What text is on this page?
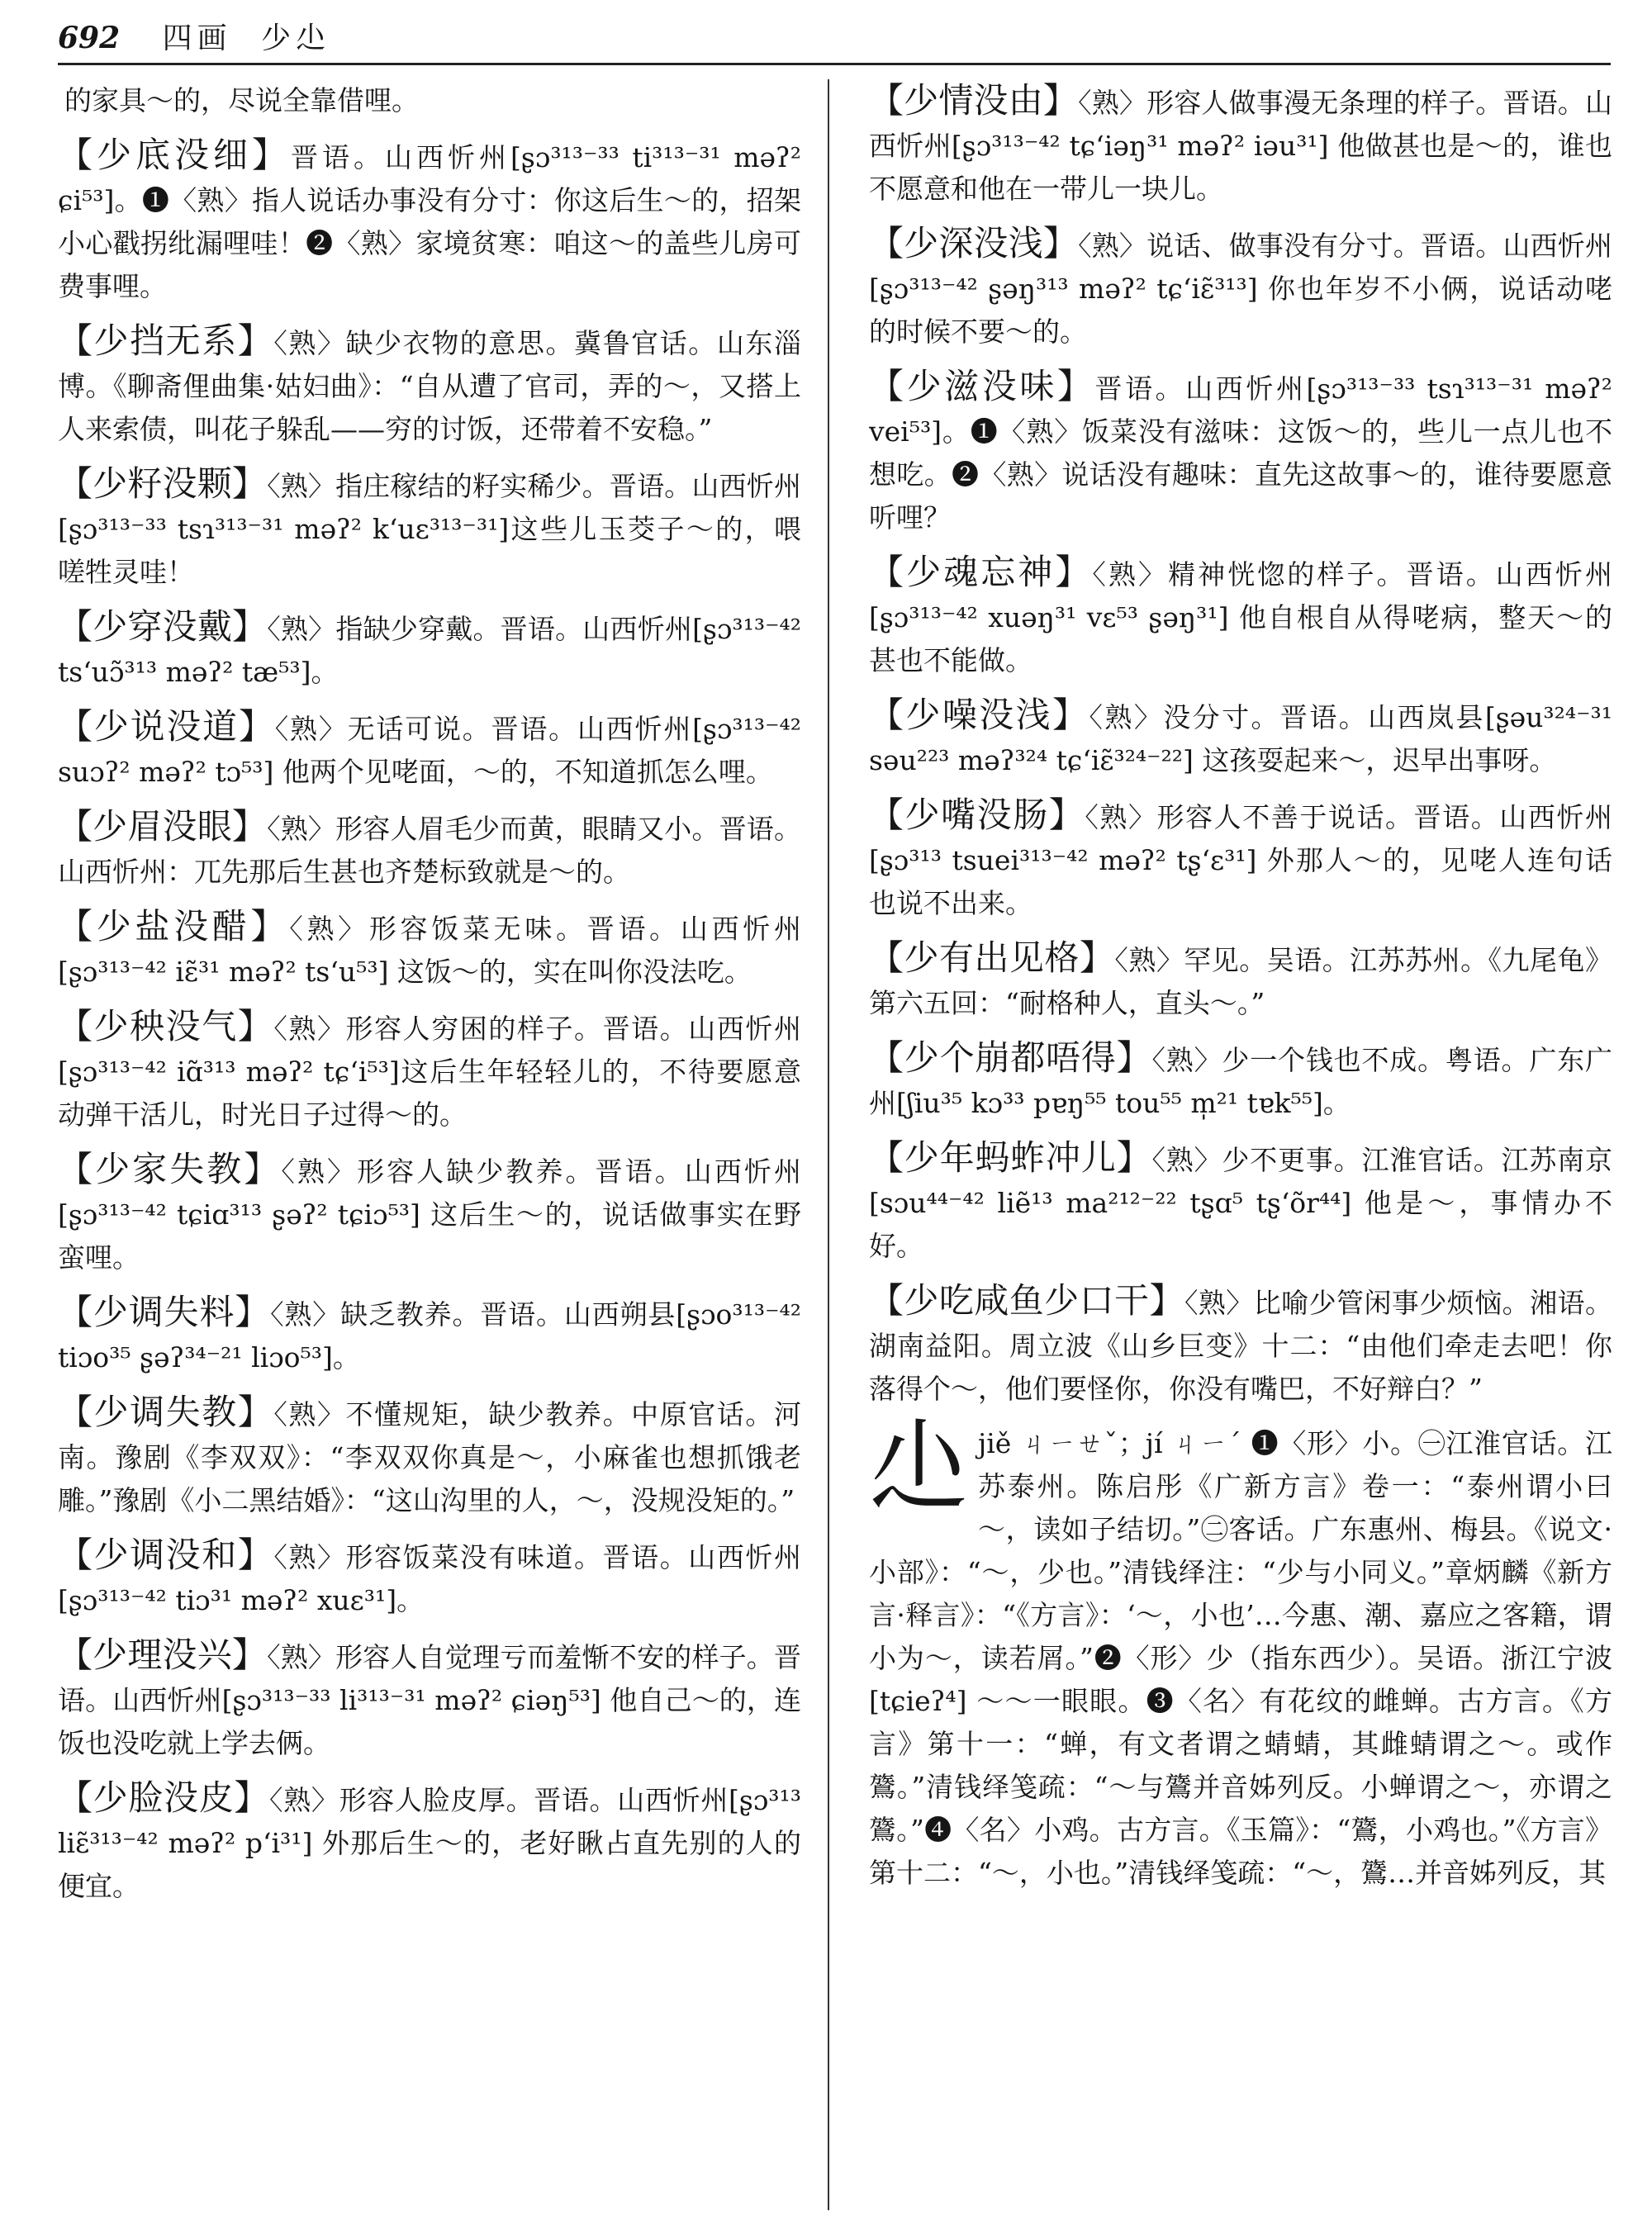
692 四画 少尐

的家具～的，尽说全靠借哩。

【少底没细】晋语。山西忻州[ʂɔ³¹³⁻³³ ti³¹³⁻³¹ məʔ² ɕi⁵³]。❶〈熟〉指人说话办事没有分寸：你这后生～的，招架小心戳拐纰漏哩哇！❷〈熟〉家境贫寒：咱这～的盖些儿房可费事哩。

【少挡无系】〈熟〉缺少衣物的意思。冀鲁官话。山东淄博。《聊斋俚曲集·姑妇曲》：“自从遭了官司，弄的～，又搭上人来索债，叫花子躲乱——穷的讨饭，还带着不安稳。”

【少籽没颗】〈熟〉指庄稼结的籽实稀少。晋语。山西忻州[ʂɔ³¹³⁻³³ tsɿ³¹³⁻³¹ məʔ² k‘uɛ³¹³⁻³¹]这些儿玉茭子～的，喂嗟牲灵哇！

【少穿没戴】〈熟〉指缺少穿戴。晋语。山西忻州[ʂɔ³¹³⁻⁴² ts‘uɔ̃³¹³ məʔ² tæ⁵³]。

【少说没道】〈熟〉无话可说。晋语。山西忻州[ʂɔ³¹³⁻⁴² suɔʔ² məʔ² tɔ⁵³] 他两个见咾面，～的，不知道抓怎么哩。

【少眉没眼】〈熟〉形容人眉毛少而黄，眼睛又小。晋语。山西忻州：兀先那后生甚也齐楚标致就是～的。

【少盐没醋】〈熟〉形容饭菜无味。晋语。山西忻州[ʂɔ³¹³⁻⁴² iɛ̃³¹ məʔ² ts‘u⁵³] 这饭～的，实在叫你没法吃。

【少秧没气】〈熟〉形容人穷困的样子。晋语。山西忻州[ʂɔ³¹³⁻⁴² iɑ̃³¹³ məʔ² tɕ‘i⁵³]这后生年轻轻儿的，不待要愿意动弹干活儿，时光日子过得～的。

【少家失教】〈熟〉形容人缺少教养。晋语。山西忻州[ʂɔ³¹³⁻⁴² tɕiɑ³¹³ ʂəʔ² tɕiɔ⁵³] 这后生～的，说话做事实在野蛮哩。

【少调失料】〈熟〉缺乏教养。晋语。山西朔县[ʂɔo³¹³⁻⁴² tiɔo³⁵ ʂəʔ³⁴⁻²¹ liɔo⁵³]。

【少调失教】〈熟〉不懂规矩，缺少教养。中原官话。河南。豫剧《李双双》：“李双双你真是～，小麻雀也想抓饿老雕。”豫剧《小二黑结婚》：“这山沟里的人，～，没规没矩的。”

【少调没和】〈熟〉形容饭菜没有味道。晋语。山西忻州[ʂɔ³¹³⁻⁴² tiɔ³¹ məʔ² xuɛ³¹]。

【少理没兴】〈熟〉形容人自觉理亏而羞惭不安的样子。晋语。山西忻州[ʂɔ³¹³⁻³³ li³¹³⁻³¹ məʔ² ɕiəŋ⁵³] 他自己～的，连饭也没吃就上学去俩。

【少脸没皮】〈熟〉形容人脸皮厚。晋语。山西忻州[ʂɔ³¹³ liɛ̃³¹³⁻⁴² məʔ² p‘i³¹] 外那后生～的，老好瞅占直先别的人的便宜。

【少情没由】〈熟〉形容人做事漫无条理的样子。晋语。山西忻州[ʂɔ³¹³⁻⁴² tɕ‘iəŋ³¹ məʔ² iəu³¹] 他做甚也是～的，谁也不愿意和他在一带儿一块儿。

【少深没浅】〈熟〉说话、做事没有分寸。晋语。山西忻州[ʂɔ³¹³⁻⁴² ʂəŋ³¹³ məʔ² tɕ‘iɛ̃³¹³] 你也年岁不小俩，说话动咾的时候不要～的。

【少滋没味】晋语。山西忻州[ʂɔ³¹³⁻³³ tsɿ³¹³⁻³¹ məʔ² vei⁵³]。❶〈熟〉饭菜没有滋味：这饭～的，些儿一点儿也不想吃。❷〈熟〉说话没有趣味：直先这故事～的，谁待要愿意听哩？

【少魂忘神】〈熟〉精神恍惚的样子。晋语。山西忻州[ʂɔ³¹³⁻⁴² xuəŋ³¹ vɛ⁵³ ʂəŋ³¹] 他自根自从得咾病，整天～的甚也不能做。

【少噪没浅】〈熟〉没分寸。晋语。山西岚县[ʂəu³²⁴⁻³¹ səu²²³ məʔ³²⁴ tɕ‘iɛ̃³²⁴⁻²²] 这孩耍起来～，迟早出事呀。

【少嘴没肠】〈熟〉形容人不善于说话。晋语。山西忻州[ʂɔ³¹³ tsuei³¹³⁻⁴² məʔ² tʂ‘ɛ³¹] 外那人～的，见咾人连句话也说不出来。

【少有出见格】〈熟〉罕见。吴语。江苏苏州。《九尾龟》第六五回：“耐格种人，直头～。”

【少个崩都唔得】〈熟〉少一个钱也不成。粤语。广东广州[ʃiu³⁵ kɔ³³ pɐŋ⁵⁵ tou⁵⁵ m̩²¹ tɐk⁵⁵]。

【少年蚂蚱冲儿】〈熟〉少不更事。江淮官话。江苏南京[sɔu⁴⁴⁻⁴² liẽ¹³ ma²¹²⁻²² tʂɑ⁵ tʂ‘õr⁴⁴] 他是～，事情办不好。

【少吃咸鱼少口干】〈熟〉比喻少管闲事少烦恼。湘语。湖南益阳。周立波《山乡巨变》十二：“由他们牵走去吧！你落得个～，他们要怪你，你没有嘴巴，不好辩白？”

尐jiě ㄐㄧㄝˇ；jí ㄐㄧˊ ❶〈形〉小。㊀江淮官话。江苏泰州。陈启彤《广新方言》卷一：“泰州谓小曰～，读如子结切。”㊁客话。广东惠州、梅县。《说文·小部》：“～，少也。”清钱绎注：“少与小同义。”章炳麟《新方言·释言》：“《方言》：‘～，小也’…今惠、潮、嘉应之客籍，谓小为～，读若屑。”❷〈形〉少（指东西少）。吴语。浙江宁波[tɕieʔ⁴] ～～一眼眼。❸〈名〉有花纹的雌蝉。古方言。《方言》第十一：“蝉，有文者谓之蜻蜻，其雌蜻谓之～。或作鷟。”清钱绎笺疏：“～与鷟并音姊列反。小蝉谓之～，亦谓之鷟。”❹〈名〉小鸡。古方言。《玉篇》：“鷟，小鸡也。”《方言》第十二：“～，小也。”清钱绎笺疏：“～，鷟…并音姊列反，其
